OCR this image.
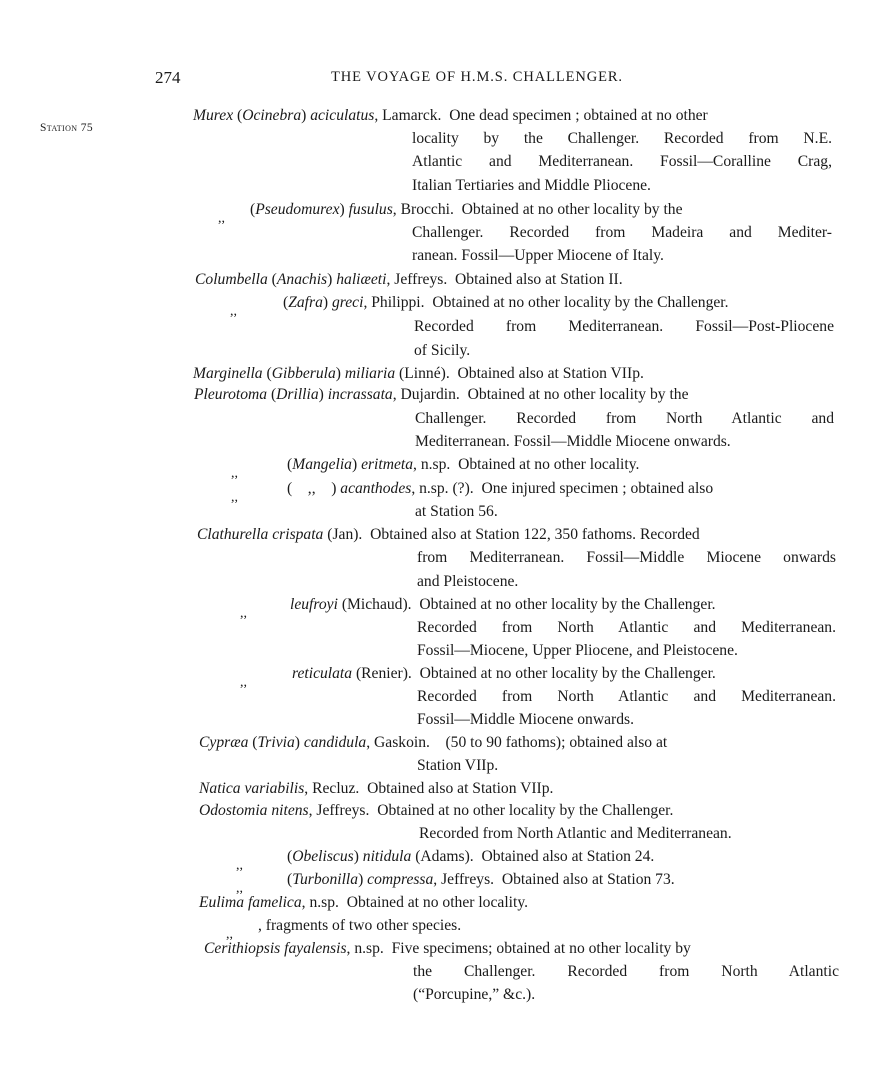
274	THE VOYAGE OF H.M.S. CHALLENGER.
Station 75
Murex (Ocinebra) aciculatus, Lamarck. One dead specimen ; obtained at no other
locality by the Challenger. Recorded from N.E.
Atlantic and Mediterranean. Fossil—Coralline Crag,
Italian Tertiaries and Middle Pliocene.
,,
(Pseudomurex) fusulus, Brocchi. Obtained at no other locality by the
Challenger. Recorded from Madeira and Mediter-
ranean. Fossil—Upper Miocene of Italy.
Columbella (Anachis) haliæeti, Jeffreys. Obtained also at Station II.
,,
(Zafra) greci, Philippi. Obtained at no other locality by the Challenger.
Recorded from Mediterranean. Fossil—Post-Pliocene
of Sicily.
Marginella (Gibberula) miliaria (Linné). Obtained also at Station VIIp.
Pleurotoma (Drillia) incrassata, Dujardin. Obtained at no other locality by the
Challenger. Recorded from North Atlantic and
Mediterranean. Fossil—Middle Miocene onwards.
,,
(Mangelia) eritmeta, n.sp. Obtained at no other locality.
,,
( ,, ) acanthodes, n.sp. (?). One injured specimen ; obtained also
at Station 56.
Clathurella crispata (Jan). Obtained also at Station 122, 350 fathoms. Recorded
from Mediterranean. Fossil—Middle Miocene onwards
and Pleistocene.
,,
leufroyi (Michaud). Obtained at no other locality by the Challenger.
Recorded from North Atlantic and Mediterranean.
Fossil—Miocene, Upper Pliocene, and Pleistocene.
,,
reticulata (Renier). Obtained at no other locality by the Challenger.
Recorded from North Atlantic and Mediterranean.
Fossil—Middle Miocene onwards.
Cypræa (Trivia) candidula, Gaskoin. (50 to 90 fathoms); obtained also at
Station VIIp.
Natica variabilis, Recluz. Obtained also at Station VIIp.
Odostomia nitens, Jeffreys. Obtained at no other locality by the Challenger.
Recorded from North Atlantic and Mediterranean.
,,
(Obeliscus) nitidula (Adams). Obtained also at Station 24.
,,
(Turbonilla) compressa, Jeffreys. Obtained also at Station 73.
Eulima famelica, n.sp. Obtained at no other locality.
,,
, fragments of two other species.
Cerithiopsis fayalensis, n.sp. Five specimens; obtained at no other locality by
the Challenger. Recorded from North Atlantic
(“Porcupine,” &c.).
